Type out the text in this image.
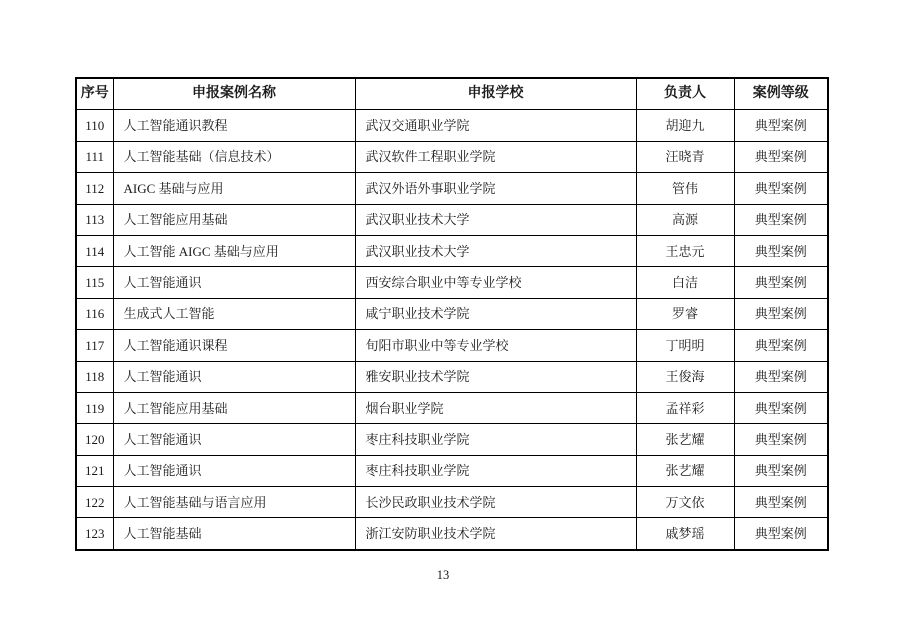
序号	申报案例名称	申报学校	负责人	案例等级
110	人工智能通识教程	武汉交通职业学院	胡迎九	典型案例
111	人工智能基础（信息技术）	武汉软件工程职业学院	汪晓青	典型案例
112	AIGC 基础与应用	武汉外语外事职业学院	管伟	典型案例
113	人工智能应用基础	武汉职业技术大学	高源	典型案例
114	人工智能 AIGC 基础与应用	武汉职业技术大学	王忠元	典型案例
115	人工智能通识	西安综合职业中等专业学校	白洁	典型案例
116	生成式人工智能	咸宁职业技术学院	罗睿	典型案例
117	人工智能通识课程	旬阳市职业中等专业学校	丁明明	典型案例
118	人工智能通识	雅安职业技术学院	王俊海	典型案例
119	人工智能应用基础	烟台职业学院	孟祥彩	典型案例
120	人工智能通识	枣庄科技职业学院	张艺耀	典型案例
121	人工智能通识	枣庄科技职业学院	张艺耀	典型案例
122	人工智能基础与语言应用	长沙民政职业技术学院	万文依	典型案例
123	人工智能基础	浙江安防职业技术学院	戚梦瑶	典型案例
13
